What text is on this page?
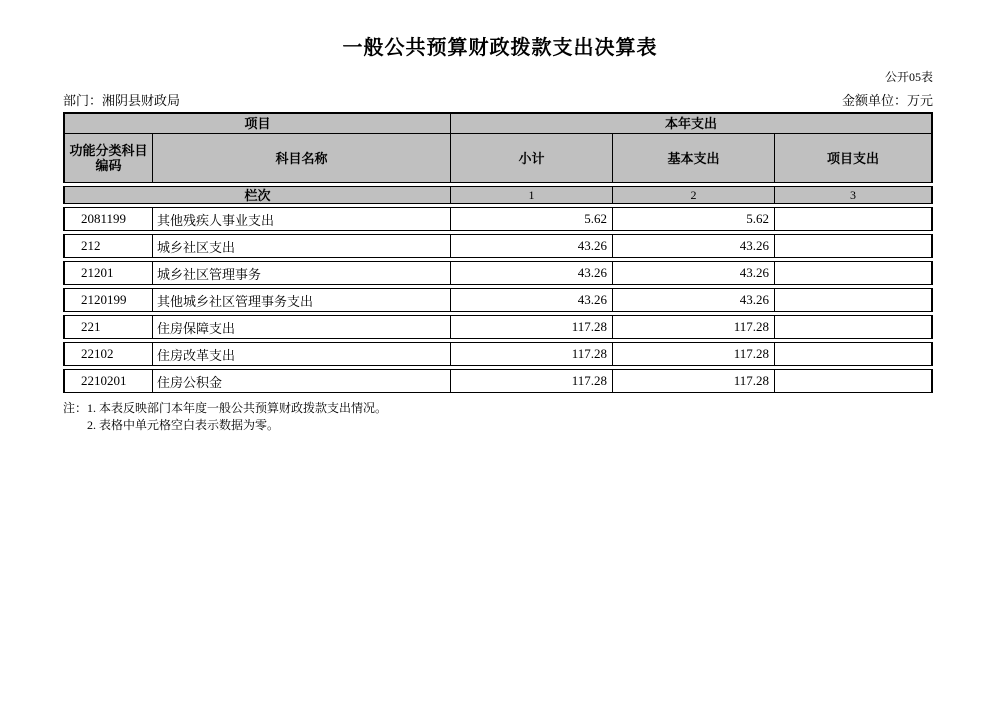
一般公共预算财政拨款支出决算表
公开05表
部门：湘阴县财政局	金额单位：万元
项目	本年支出
功能分类科目编码	科目名称	小计	基本支出	项目支出
栏次	1	2	3
2081199	其他残疾人事业支出	5.62	5.62
212	城乡社区支出	43.26	43.26
21201	城乡社区管理事务	43.26	43.26
2120199	其他城乡社区管理事务支出	43.26	43.26
221	住房保障支出	117.28	117.28
22102	住房改革支出	117.28	117.28
2210201	住房公积金	117.28	117.28
注：1. 本表反映部门本年度一般公共预算财政拨款支出情况。
2. 表格中单元格空白表示数据为零。
